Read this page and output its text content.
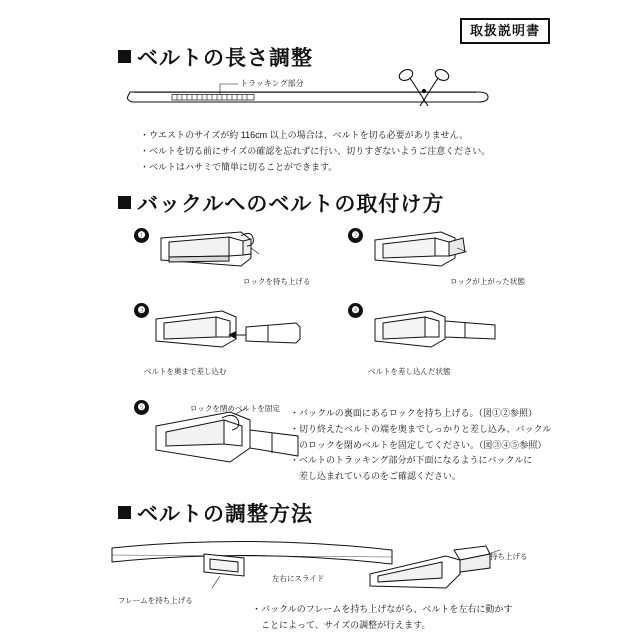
取扱説明書
ベルトの長さ調整
トラッキング部分
・ウエストのサイズが約 116cm 以上の場合は、ベルトを切る必要がありません。
・ベルトを切る前にサイズの確認を忘れずに行い、切りすぎないようご注意ください。
・ベルトはハサミで簡単に切ることができます。
バックルへのベルトの取付け方
❶
ロックを持ち上げる
❷
ロックが上がった状態
❸
ベルトを奥まで差し込む
❹
ベルトを差し込んだ状態
❺	ロックを閉めベルトを固定 ・バックルの裏面にあるロックを持ち上げる。（図①②参照）
・切り終えたベルトの端を奥までしっかりと差し込み、バックル
　のロックを閉めベルトを固定してください。（図③④⑤参照）
・ベルトのトラッキング部分が下面になるようにバックルに
　差し込まれているのをご確認ください。
ベルトの調整方法
フレームを持ち上げる
左右にスライド
持ち上げる
・バックルのフレームを持ち上げながら、ベルトを左右に動かす
　ことによって、サイズの調整が行えます。
